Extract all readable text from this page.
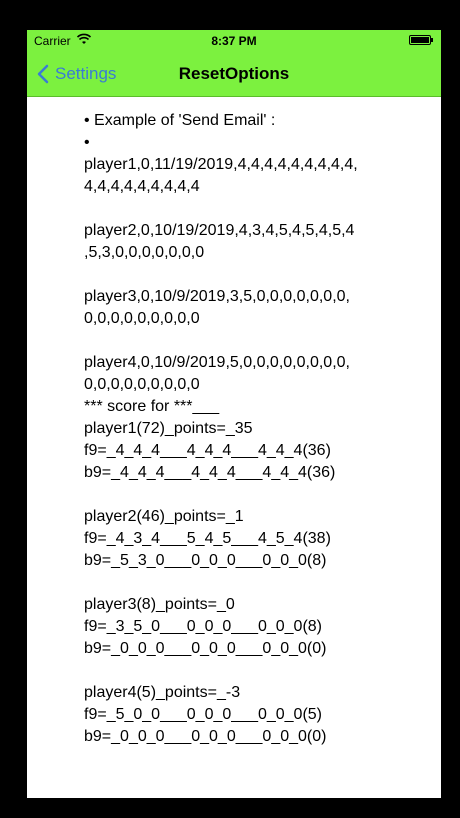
Carrier	8:37 PM
Settings	ResetOptions
• Example of 'Send Email' :
•
player1,0,11/19/2019,4,4,4,4,4,4,4,4,4,
4,4,4,4,4,4,4,4,4

player2,0,10/19/2019,4,3,4,5,4,5,4,5,4
,5,3,0,0,0,0,0,0,0

player3,0,10/9/2019,3,5,0,0,0,0,0,0,0,
0,0,0,0,0,0,0,0,0

player4,0,10/9/2019,5,0,0,0,0,0,0,0,0,
0,0,0,0,0,0,0,0,0
*** score for ***___
player1(72)_points=_35
f9=_4_4_4___4_4_4___4_4_4(36)
b9=_4_4_4___4_4_4___4_4_4(36)

player2(46)_points=_1
f9=_4_3_4___5_4_5___4_5_4(38)
b9=_5_3_0___0_0_0___0_0_0(8)

player3(8)_points=_0
f9=_3_5_0___0_0_0___0_0_0(8)
b9=_0_0_0___0_0_0___0_0_0(0)

player4(5)_points=_-3
f9=_5_0_0___0_0_0___0_0_0(5)
b9=_0_0_0___0_0_0___0_0_0(0)
